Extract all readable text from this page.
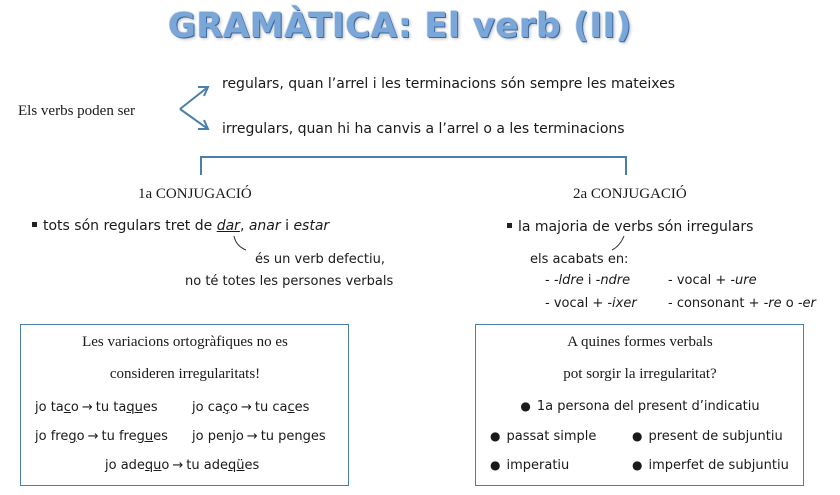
GRAMÀTICA: El verb (II)
Els verbs poden ser
regulars, quan l’arrel i les terminacions són sempre les mateixes
irregulars, quan hi ha canvis a l’arrel o a les terminacions
1a CONJUGACIÓ
tots són regulars tret de dar, anar i estar
és un verb defectiu,
no té totes les persones verbals
2a CONJUGACIÓ
la majoria de verbs són irregulars
els acabats en:
- -ldre i -ndre	- vocal + -ure
- vocal + -ixer - consonant + -re o -er
Les variacions ortogràfiques no es
consideren irregularitats!
jo taco → tu taques	jo caço → tu caces
jo frego → tu fregues jo penjo → tu penges
jo adequo → tu adeqües
A quines formes verbals
pot sorgir la irregularitat?
● 1a persona del present d’indicatiu
● passat simple	● present de subjuntiu
● imperatiu	● imperfet de subjuntiu
